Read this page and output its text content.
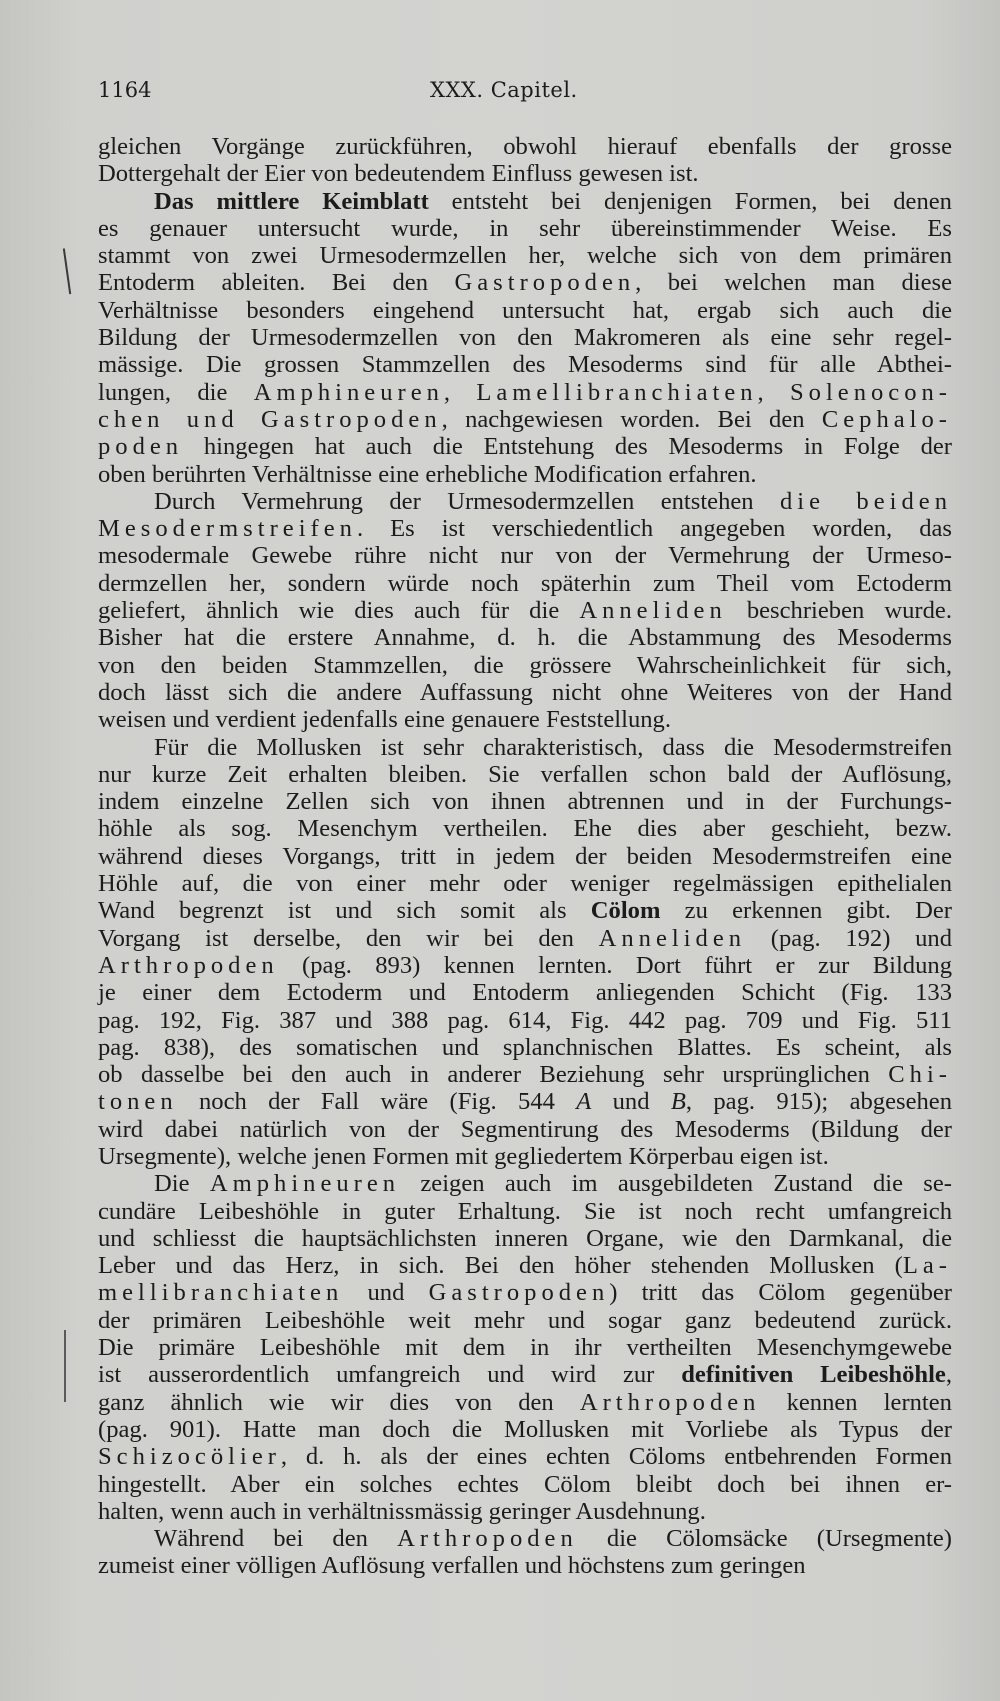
1164	XXX. Capitel.
gleichen Vorgänge zurückführen, obwohl hierauf ebenfalls der grosse
Dottergehalt der Eier von bedeutendem Einfluss gewesen ist.
Das mittlere Keimblatt entsteht bei denjenigen Formen, bei denen
es genauer untersucht wurde, in sehr übereinstimmender Weise. Es
stammt von zwei Urmesodermzellen her, welche sich von dem primären
Entoderm ableiten. Bei den Gastropoden, bei welchen man diese
Verhältnisse besonders eingehend untersucht hat, ergab sich auch die
Bildung der Urmesodermzellen von den Makromeren als eine sehr regel-
mässige. Die grossen Stammzellen des Mesoderms sind für alle Abthei-
lungen, die Amphineuren, Lamellibranchiaten, Solenocon-
chen und Gastropoden, nachgewiesen worden. Bei den Cephalo-
poden hingegen hat auch die Entstehung des Mesoderms in Folge der
oben berührten Verhältnisse eine erhebliche Modification erfahren.
Durch Vermehrung der Urmesodermzellen entstehen die beiden
Mesodermstreifen. Es ist verschiedentlich angegeben worden, das
mesodermale Gewebe rühre nicht nur von der Vermehrung der Urmeso-
dermzellen her, sondern würde noch späterhin zum Theil vom Ectoderm
geliefert, ähnlich wie dies auch für die Anneliden beschrieben wurde.
Bisher hat die erstere Annahme, d. h. die Abstammung des Mesoderms
von den beiden Stammzellen, die grössere Wahrscheinlichkeit für sich,
doch lässt sich die andere Auffassung nicht ohne Weiteres von der Hand
weisen und verdient jedenfalls eine genauere Feststellung.
Für die Mollusken ist sehr charakteristisch, dass die Mesodermstreifen
nur kurze Zeit erhalten bleiben. Sie verfallen schon bald der Auflösung,
indem einzelne Zellen sich von ihnen abtrennen und in der Furchungs-
höhle als sog. Mesenchym vertheilen. Ehe dies aber geschieht, bezw.
während dieses Vorgangs, tritt in jedem der beiden Mesodermstreifen eine
Höhle auf, die von einer mehr oder weniger regelmässigen epithelialen
Wand begrenzt ist und sich somit als Cölom zu erkennen gibt. Der
Vorgang ist derselbe, den wir bei den Anneliden (pag. 192) und
Arthropoden (pag. 893) kennen lernten. Dort führt er zur Bildung
je einer dem Ectoderm und Entoderm anliegenden Schicht (Fig. 133
pag. 192, Fig. 387 und 388 pag. 614, Fig. 442 pag. 709 und Fig. 511
pag. 838), des somatischen und splanchnischen Blattes. Es scheint, als
ob dasselbe bei den auch in anderer Beziehung sehr ursprünglichen Chi-
tonen noch der Fall wäre (Fig. 544 A und B, pag. 915); abgesehen
wird dabei natürlich von der Segmentirung des Mesoderms (Bildung der
Ursegmente), welche jenen Formen mit gegliedertem Körperbau eigen ist.
Die Amphineuren zeigen auch im ausgebildeten Zustand die se-
cundäre Leibeshöhle in guter Erhaltung. Sie ist noch recht umfangreich
und schliesst die hauptsächlichsten inneren Organe, wie den Darmkanal, die
Leber und das Herz, in sich. Bei den höher stehenden Mollusken (La-
mellibranchiaten und Gastropoden) tritt das Cölom gegenüber
der primären Leibeshöhle weit mehr und sogar ganz bedeutend zurück.
Die primäre Leibeshöhle mit dem in ihr vertheilten Mesenchymgewebe
ist ausserordentlich umfangreich und wird zur definitiven Leibeshöhle,
ganz ähnlich wie wir dies von den Arthropoden kennen lernten
(pag. 901). Hatte man doch die Mollusken mit Vorliebe als Typus der
Schizocölier, d. h. als der eines echten Cöloms entbehrenden Formen
hingestellt. Aber ein solches echtes Cölom bleibt doch bei ihnen er-
halten, wenn auch in verhältnissmässig geringer Ausdehnung.
Während bei den Arthropoden die Cölomsäcke (Ursegmente)
zumeist einer völligen Auflösung verfallen und höchstens zum geringen
